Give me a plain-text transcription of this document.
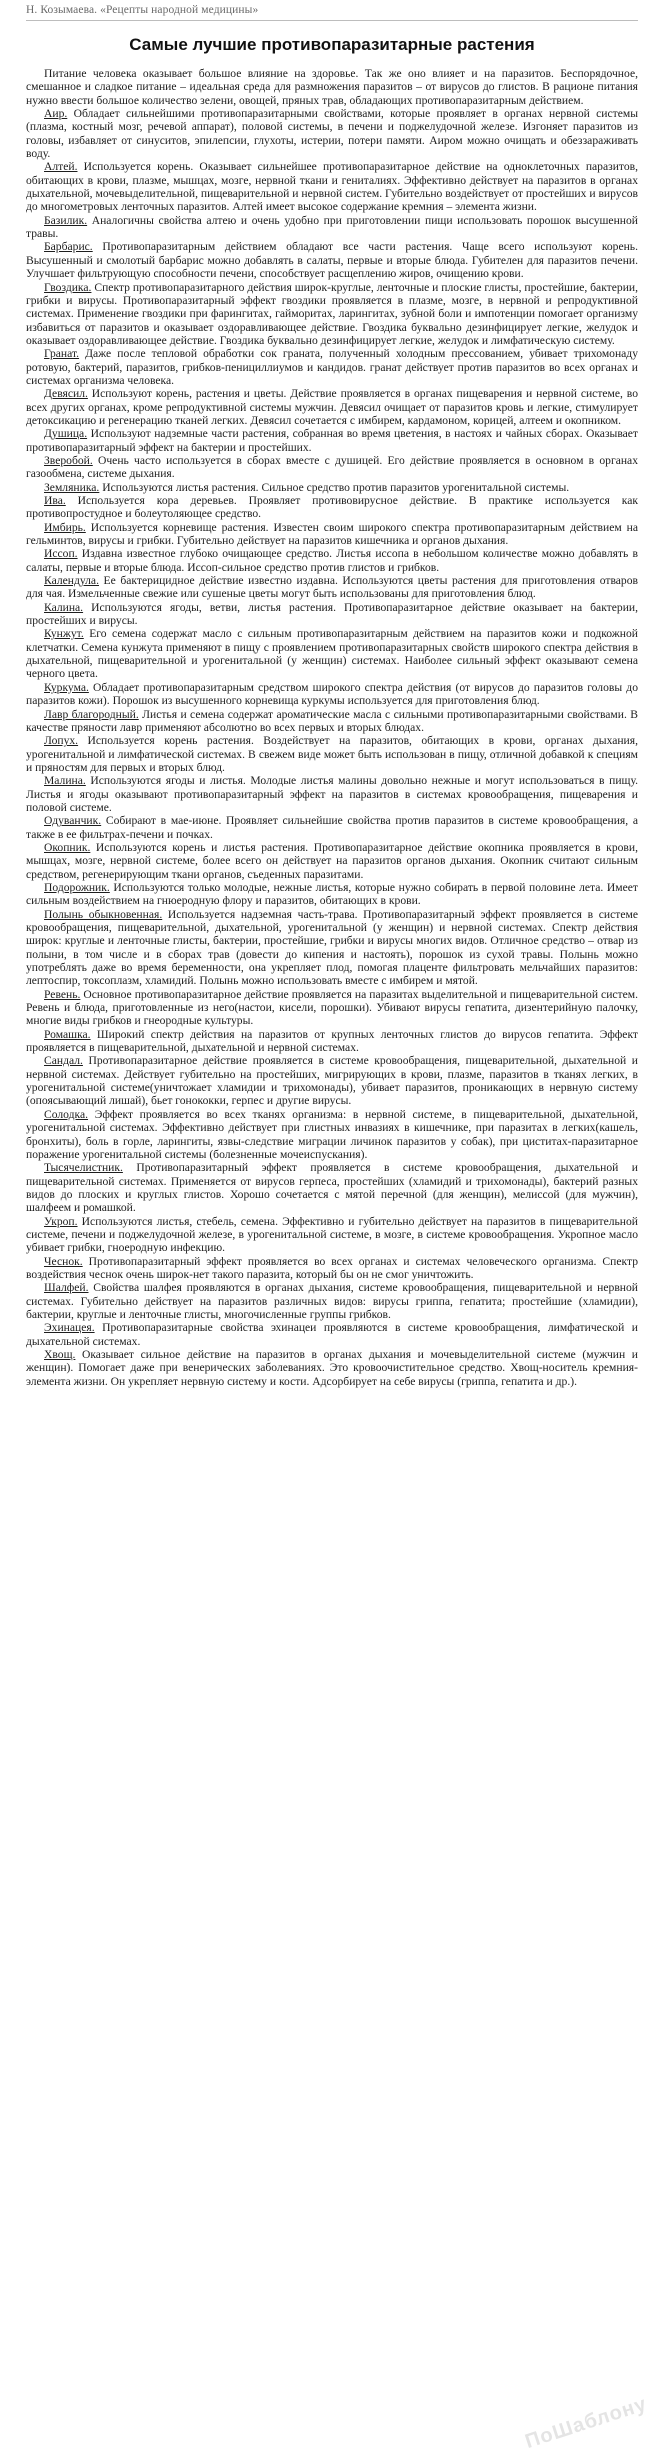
Н. Козымаева. «Рецепты народной медицины»
Самые лучшие противопаразитарные растения

Питание человека оказывает большое влияние на здоровье. Так же оно влияет и на паразитов. Беспорядочное, смешанное и сладкое питание – идеальная среда для размножения паразитов – от вирусов до глистов. В рационе питания нужно ввести большое количество зелени, овощей, пряных трав, обладающих противопаразитарным действием.

Аир. Обладает сильнейшими противопаразитарными свойствами, которые проявляет в органах нервной системы (плазма, костный мозг, речевой аппарат), половой системы, в печени и поджелудочной железе. Изгоняет паразитов из головы, избавляет от синуситов, эпилепсии, глухоты, истерии, потери памяти. Аиром можно очищать и обеззараживать воду.

Алтей. Используется корень. Оказывает сильнейшее противопаразитарное действие на одноклеточных паразитов, обитающих в крови, плазме, мышцах, мозге, нервной ткани и гениталиях. Эффективно действует на паразитов в органах дыхательной, мочевыделительной, пищеварительной и нервной систем. Губительно воздействует от простейших и вирусов до многометровых ленточных паразитов. Алтей имеет высокое содержание кремния – элемента жизни.

Базилик. Аналогичны свойства алтею и очень удобно при приготовлении пищи использовать порошок высушенной травы.

Барбарис. Противопаразитарным действием обладают все части растения. Чаще всего используют корень. Высушенный и смолотый барбарис можно добавлять в салаты, первые и вторые блюда. Губителен для паразитов печени. Улучшает фильтрующую способности печени, способствует расщеплению жиров, очищению крови.

Гвоздика. Спектр противопаразитарного действия широк-круглые, ленточные и плоские глисты, простейшие, бактерии, грибки и вирусы. Противопаразитарный эффект гвоздики проявляется в плазме, мозге, в нервной и репродуктивной системах. Применение гвоздики при фарингитах, гайморитах, ларингитах, зубной боли и импотенции помогает организму избавиться от паразитов и оказывает оздоравливающее действие. Гвоздика буквально дезинфицирует легкие, желудок и оказывает оздоравливающее действие. Гвоздика буквально дезинфицирует легкие, желудок и лимфатическую систему.

Гранат. Даже после тепловой обработки сок граната, полученный холодным прессованием, убивает трихомонаду ротовую, бактерий, паразитов, грибков-пенициллиумов и кандидов. гранат действует против паразитов во всех органах и системах организма человека.

Девясил. Используют корень, растения и цветы. Действие проявляется в органах пищеварения и нервной системе, во всех других органах, кроме репродуктивной системы мужчин. Девясил очищает от паразитов кровь и легкие, стимулирует детоксикацию и регенерацию тканей легких. Девясил сочетается с имбирем, кардамоном, корицей, алтеем и окопником.

Душица. Используют надземные части растения, собранная во время цветения, в настоях и чайных сборах. Оказывает противопаразитарный эффект на бактерии и простейших.

Зверобой. Очень часто используется в сборах вместе с душицей. Его действие проявляется в основном в органах газообмена, системе дыхания.

Земляника. Используются листья растения. Сильное средство против паразитов урогенитальной системы.

Ива. Используется кора деревьев. Проявляет противовирусное действие. В практике используется как противопростудное и болеутоляющее средство.

Имбирь. Используется корневище растения. Известен своим широкого спектра противопаразитарным действием на гельминтов, вирусы и грибки. Губительно действует на паразитов кишечника и органов дыхания.

Иссоп. Издавна известное глубоко очищающее средство. Листья иссопа в небольшом количестве можно добавлять в салаты, первые и вторые блюда. Иссоп-сильное средство против глистов и грибков.

Календула. Ее бактерицидное действие известно издавна. Используются цветы растения для приготовления отваров для чая. Измельченные свежие или сушеные цветы могут быть использованы для приготовления блюд.

Калина. Используются ягоды, ветви, листья растения. Противопаразитарное действие оказывает на бактерии, простейших и вирусы.

Кунжут. Его семена содержат масло с сильным противопаразитарным действием на паразитов кожи и подкожной клетчатки. Семена кунжута применяют в пищу с проявлением противопаразитарных свойств широкого спектра действия в дыхательной, пищеварительной и урогенитальной (у женщин) системах. Наиболее сильный эффект оказывают семена черного цвета.

Куркума. Обладает противопаразитарным средством широкого спектра действия (от вирусов до паразитов головы до паразитов кожи). Порошок из высушенного корневища куркумы используется для приготовления блюд.

Лавр благородный. Листья и семена содержат ароматические масла с сильными противопаразитарными свойствами. В качестве пряности лавр применяют абсолютно во всех первых и вторых блюдах.

Лопух. Используется корень растения. Воздействует на паразитов, обитающих в крови, органах дыхания, урогенитальной и лимфатической системах. В свежем виде может быть использован в пищу, отличной добавкой к специям и пряностям для первых и вторых блюд.

Малина. Используются ягоды и листья. Молодые листья малины довольно нежные и могут использоваться в пищу. Листья и ягоды оказывают противопаразитарный эффект на паразитов в системах кровообращения, пищеварения и половой системе.

Одуванчик. Собирают в мае-июне. Проявляет сильнейшие свойства против паразитов в системе кровообращения, а также в ее фильтрах-печени и почках.

Окопник. Используются корень и листья растения. Противопаразитарное действие окопника проявляется в крови, мышцах, мозге, нервной системе, более всего он действует на паразитов органов дыхания. Окопник считают сильным средством, регенерирующим ткани органов, съеденных паразитами.

Подорожник. Используются только молодые, нежные листья, которые нужно собирать в первой половине лета. Имеет сильным воздействием на гнюеродную флору и паразитов, обитающих в крови.

Полынь обыкновенная. Используется надземная часть-трава. Противопаразитарный эффект проявляется в системе кровообращения, пищеварительной, дыхательной, урогенитальной (у женщин) и нервной системах. Спектр действия широк: круглые и ленточные глисты, бактерии, простейшие, грибки и вирусы многих видов. Отличное средство – отвар из полыни, в том числе и в сборах трав (довести до кипения и настоять), порошок из сухой травы. Полынь можно употреблять даже во время беременности, она укрепляет плод, помогая плаценте фильтровать мельчайших паразитов: лептоспир, токсоплазм, хламидий. Полынь можно использовать вместе с имбирем и мятой.

Ревень. Основное противопаразитарное действие проявляется на паразитах выделительной и пищеварительной систем. Ревень и блюда, приготовленные из него(настои, кисели, порошки). Убивают вирусы гепатита, дизентерийную палочку, многие виды грибков и гнеородные культуры.

Ромашка. Широкий спектр действия на паразитов от крупных ленточных глистов до вирусов гепатита. Эффект проявляется в пищеварительной, дыхательной и нервной системах.

Сандал. Противопаразитарное действие проявляется в системе кровообращения, пищеварительной, дыхательной и нервной системах. Действует губительно на простейших, мигрирующих в крови, плазме, паразитов в тканях легких, в урогенитальной системе(уничтожает хламидии и трихомонады), убивает паразитов, проникающих в нервную систему (опоясывающий лишай), бьет гонококки, герпес и другие вирусы.

Солодка. Эффект проявляется во всех тканях организма: в нервной системе, в пищеварительной, дыхательной, урогенитальной системах. Эффективно действует при глистных инвазиях в кишечнике, при паразитах в легких(кашель, бронхиты), боль в горле, ларингиты, язвы-следствие миграции личинок паразитов у собак), при циститах-паразитарное поражение урогенитальной системы (болезненные мочеиспускания).

Тысячелистник. Противопаразитарный эффект проявляется в системе кровообращения, дыхательной и пищеварительной системах. Применяется от вирусов герпеса, простейших (хламидий и трихомонады), бактерий разных видов до плоских и круглых глистов. Хорошо сочетается с мятой перечной (для женщин), мелиссой (для мужчин), шалфеем и ромашкой.

Укроп. Используются листья, стебель, семена. Эффективно и губительно действует на паразитов в пищеварительной системе, печени и поджелудочной железе, в урогенитальной системе, в мозге, в системе кровообращения. Укропное масло убивает грибки, гноеродную инфекцию.

Чеснок. Противопаразитарный эффект проявляется во всех органах и системах человеческого организма. Спектр воздействия чеснок очень широк-нет такого паразита, который бы он не смог уничтожить.

Шалфей. Свойства шалфея проявляются в органах дыхания, системе кровообращения, пищеварительной и нервной системах. Губительно действует на паразитов различных видов: вирусы гриппа, гепатита; простейшие (хламидии), бактерии, круглые и ленточные глисты, многочисленные группы грибков.

Эхинацея. Противопаразитарные свойства эхинацеи проявляются в системе кровообращения, лимфатической и дыхательной системах.

Хвощ. Оказывает сильное действие на паразитов в органах дыхания и мочевыделительной системе (мужчин и женщин). Помогает даже при венерических заболеваниях. Это кровоочистительное средство. Хвощ-носитель кремния-элемента жизни. Он укрепляет нервную систему и кости. Адсорбирует на себе вирусы (гриппа, гепатита и др.).

ПоШаблону
